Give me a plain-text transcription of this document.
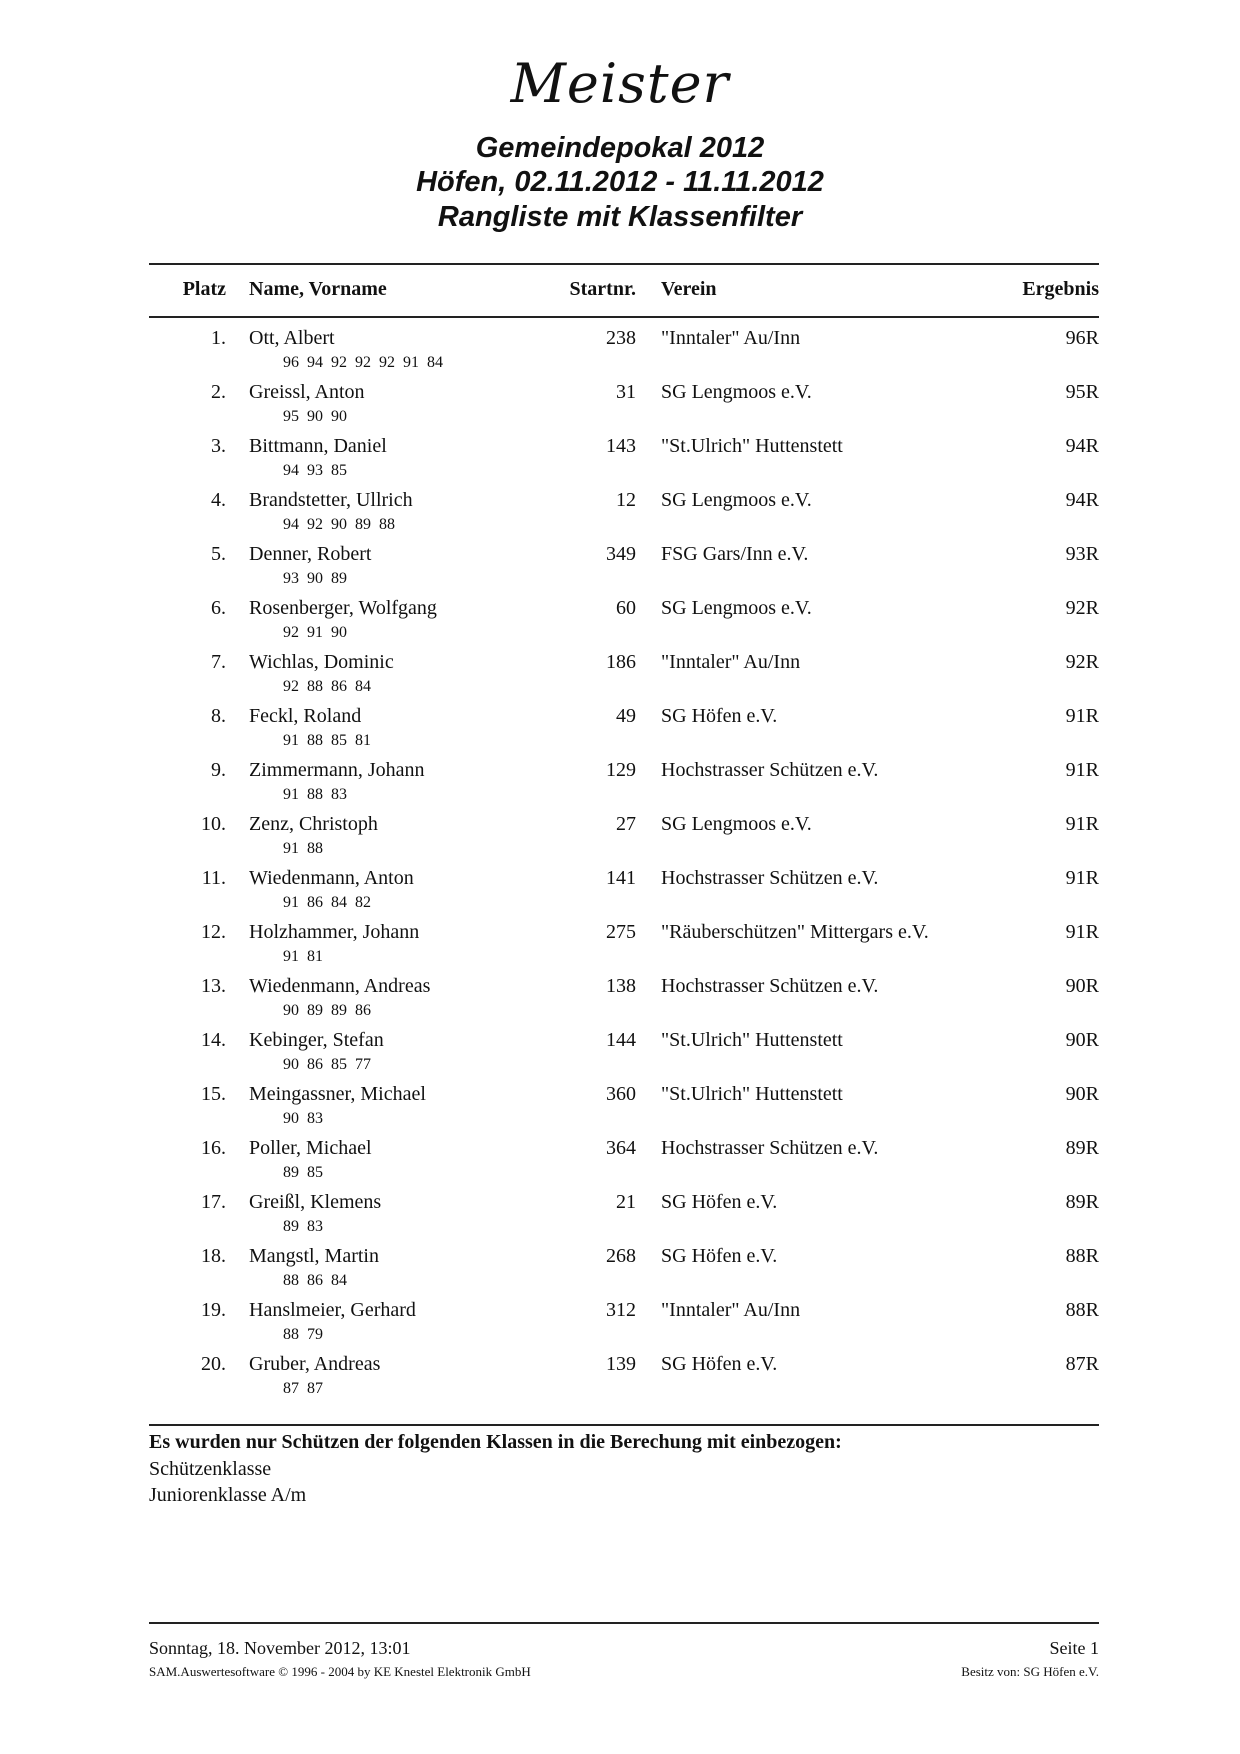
Meister
Gemeindepokal 2012
Höfen, 02.11.2012 - 11.11.2012
Rangliste mit Klassenfilter
Platz Name, Vorname	Startnr. Verein	Ergebnis
1. Ott, Albert	238 "Inntaler" Au/Inn	96R
96 94 92 92 92 91 84
2. Greissl, Anton	31 SG Lengmoos e.V.	95R
95 90 90
3. Bittmann, Daniel	143 "St.Ulrich" Huttenstett	94R
94 93 85
4. Brandstetter, Ullrich	12 SG Lengmoos e.V.	94R
94 92 90 89 88
5. Denner, Robert	349 FSG Gars/Inn e.V.	93R
93 90 89
6. Rosenberger, Wolfgang	60 SG Lengmoos e.V.	92R
92 91 90
7. Wichlas, Dominic	186 "Inntaler" Au/Inn	92R
92 88 86 84
8. Feckl, Roland	49 SG Höfen e.V.	91R
91 88 85 81
9. Zimmermann, Johann	129 Hochstrasser Schützen e.V.	91R
91 88 83
10. Zenz, Christoph	27 SG Lengmoos e.V.	91R
91 88
11. Wiedenmann, Anton	141 Hochstrasser Schützen e.V.	91R
91 86 84 82
12. Holzhammer, Johann	275 "Räuberschützen" Mittergars e.V.	91R
91 81
13. Wiedenmann, Andreas	138 Hochstrasser Schützen e.V.	90R
90 89 89 86
14. Kebinger, Stefan	144 "St.Ulrich" Huttenstett	90R
90 86 85 77
15. Meingassner, Michael	360 "St.Ulrich" Huttenstett	90R
90 83
16. Poller, Michael	364 Hochstrasser Schützen e.V.	89R
89 85
17. Greißl, Klemens	21 SG Höfen e.V.	89R
89 83
18. Mangstl, Martin	268 SG Höfen e.V.	88R
88 86 84
19. Hanslmeier, Gerhard	312 "Inntaler" Au/Inn	88R
88 79
20. Gruber, Andreas	139 SG Höfen e.V.	87R
87 87
Es wurden nur Schützen der folgenden Klassen in die Berechung mit einbezogen:
Schützenklasse
Juniorenklasse A/m
Sonntag, 18. November 2012, 13:01	Seite 1
SAM.Auswertesoftware © 1996 - 2004 by KE Knestel Elektronik GmbH	Besitz von: SG Höfen e.V.
